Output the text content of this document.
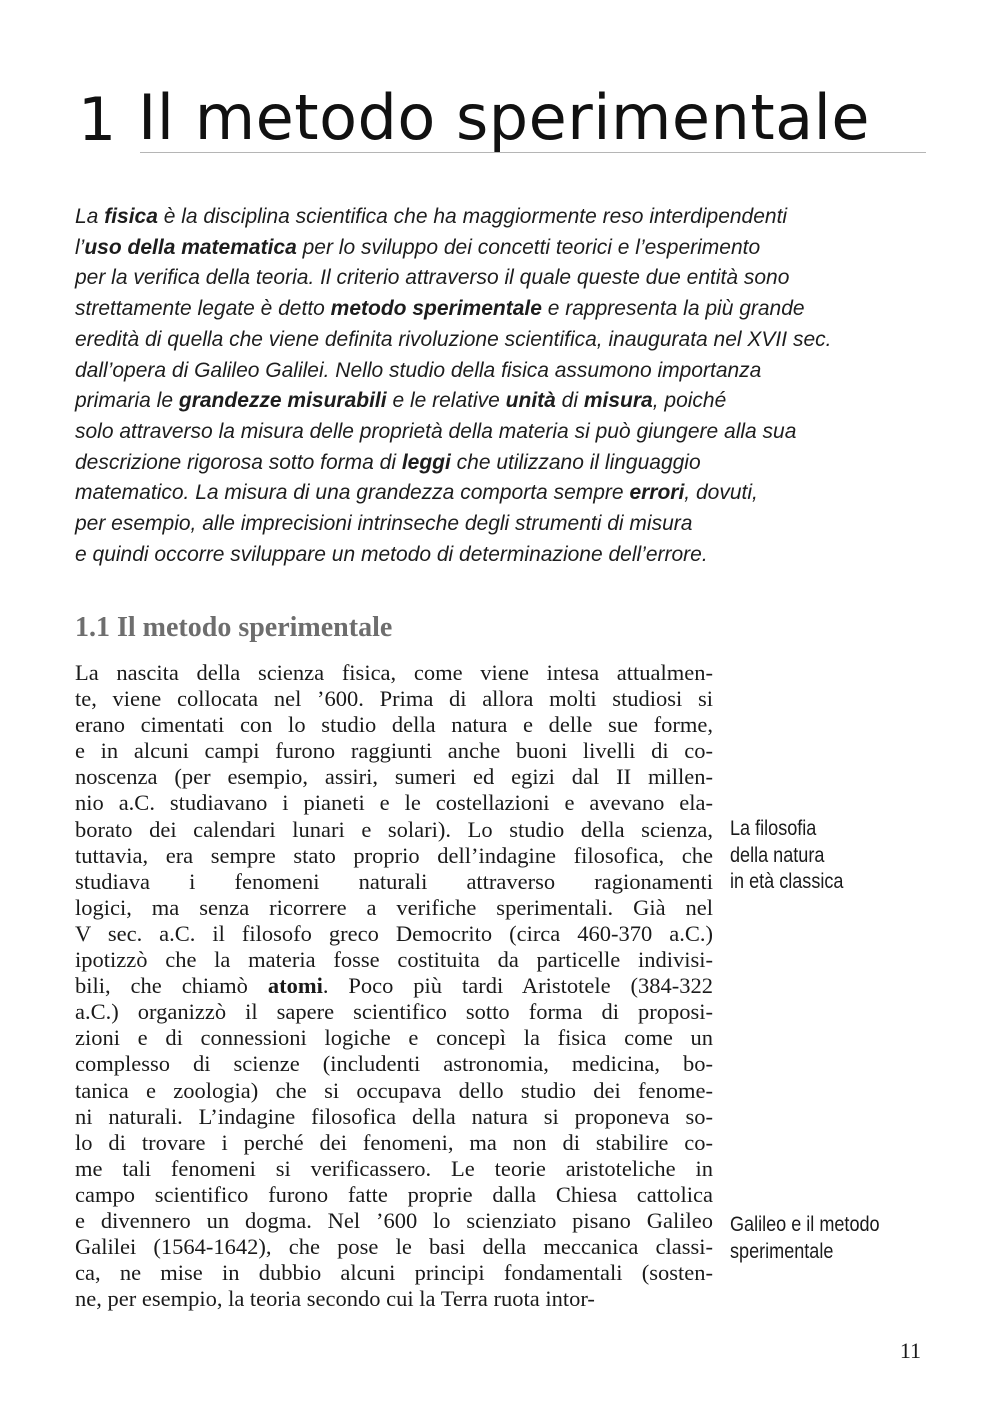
1 Il metodo sperimentale

La fisica è la disciplina scientifica che ha maggiormente reso interdipendenti
l’uso della matematica per lo sviluppo dei concetti teorici e l’esperimento
per la verifica della teoria. Il criterio attraverso il quale queste due entità sono
strettamente legate è detto metodo sperimentale e rappresenta la più grande
eredità di quella che viene definita rivoluzione scientifica, inaugurata nel XVII sec.
dall’opera di Galileo Galilei. Nello studio della fisica assumono importanza
primaria le grandezze misurabili e le relative unità di misura, poiché
solo attraverso la misura delle proprietà della materia si può giungere alla sua
descrizione rigorosa sotto forma di leggi che utilizzano il linguaggio
matematico. La misura di una grandezza comporta sempre errori, dovuti,
per esempio, alle imprecisioni intrinseche degli strumenti di misura
e quindi occorre sviluppare un metodo di determinazione dell’errore.

1.1 Il metodo sperimentale

La nascita della scienza fisica, come viene intesa attualmen-
te, viene collocata nel ’600. Prima di allora molti studiosi si
erano cimentati con lo studio della natura e delle sue forme,
e in alcuni campi furono raggiunti anche buoni livelli di co-
noscenza (per esempio, assiri, sumeri ed egizi dal II millen-
nio a.C. studiavano i pianeti e le costellazioni e avevano ela-
borato dei calendari lunari e solari). Lo studio della scienza,
tuttavia, era sempre stato proprio dell’indagine filosofica, che
studiava i fenomeni naturali attraverso ragionamenti
logici, ma senza ricorrere a verifiche sperimentali. Già nel
V sec. a.C. il filosofo greco Democrito (circa 460-370 a.C.)
ipotizzò che la materia fosse costituita da particelle indivisi-
bili, che chiamò atomi. Poco più tardi Aristotele (384-322
a.C.) organizzò il sapere scientifico sotto forma di proposi-
zioni e di connessioni logiche e concepì la fisica come un
complesso di scienze (includenti astronomia, medicina, bo-
tanica e zoologia) che si occupava dello studio dei fenome-
ni naturali. L’indagine filosofica della natura si proponeva so-
lo di trovare i perché dei fenomeni, ma non di stabilire co-
me tali fenomeni si verificassero. Le teorie aristoteliche in
campo scientifico furono fatte proprie dalla Chiesa cattolica
e divennero un dogma. Nel ’600 lo scienziato pisano Galileo
Galilei (1564-1642), che pose le basi della meccanica classi-
ca, ne mise in dubbio alcuni principi fondamentali (sosten-
ne, per esempio, la teoria secondo cui la Terra ruota intor-

La filosofia
della natura
in età classica
Galileo e il metodo
sperimentale
11
